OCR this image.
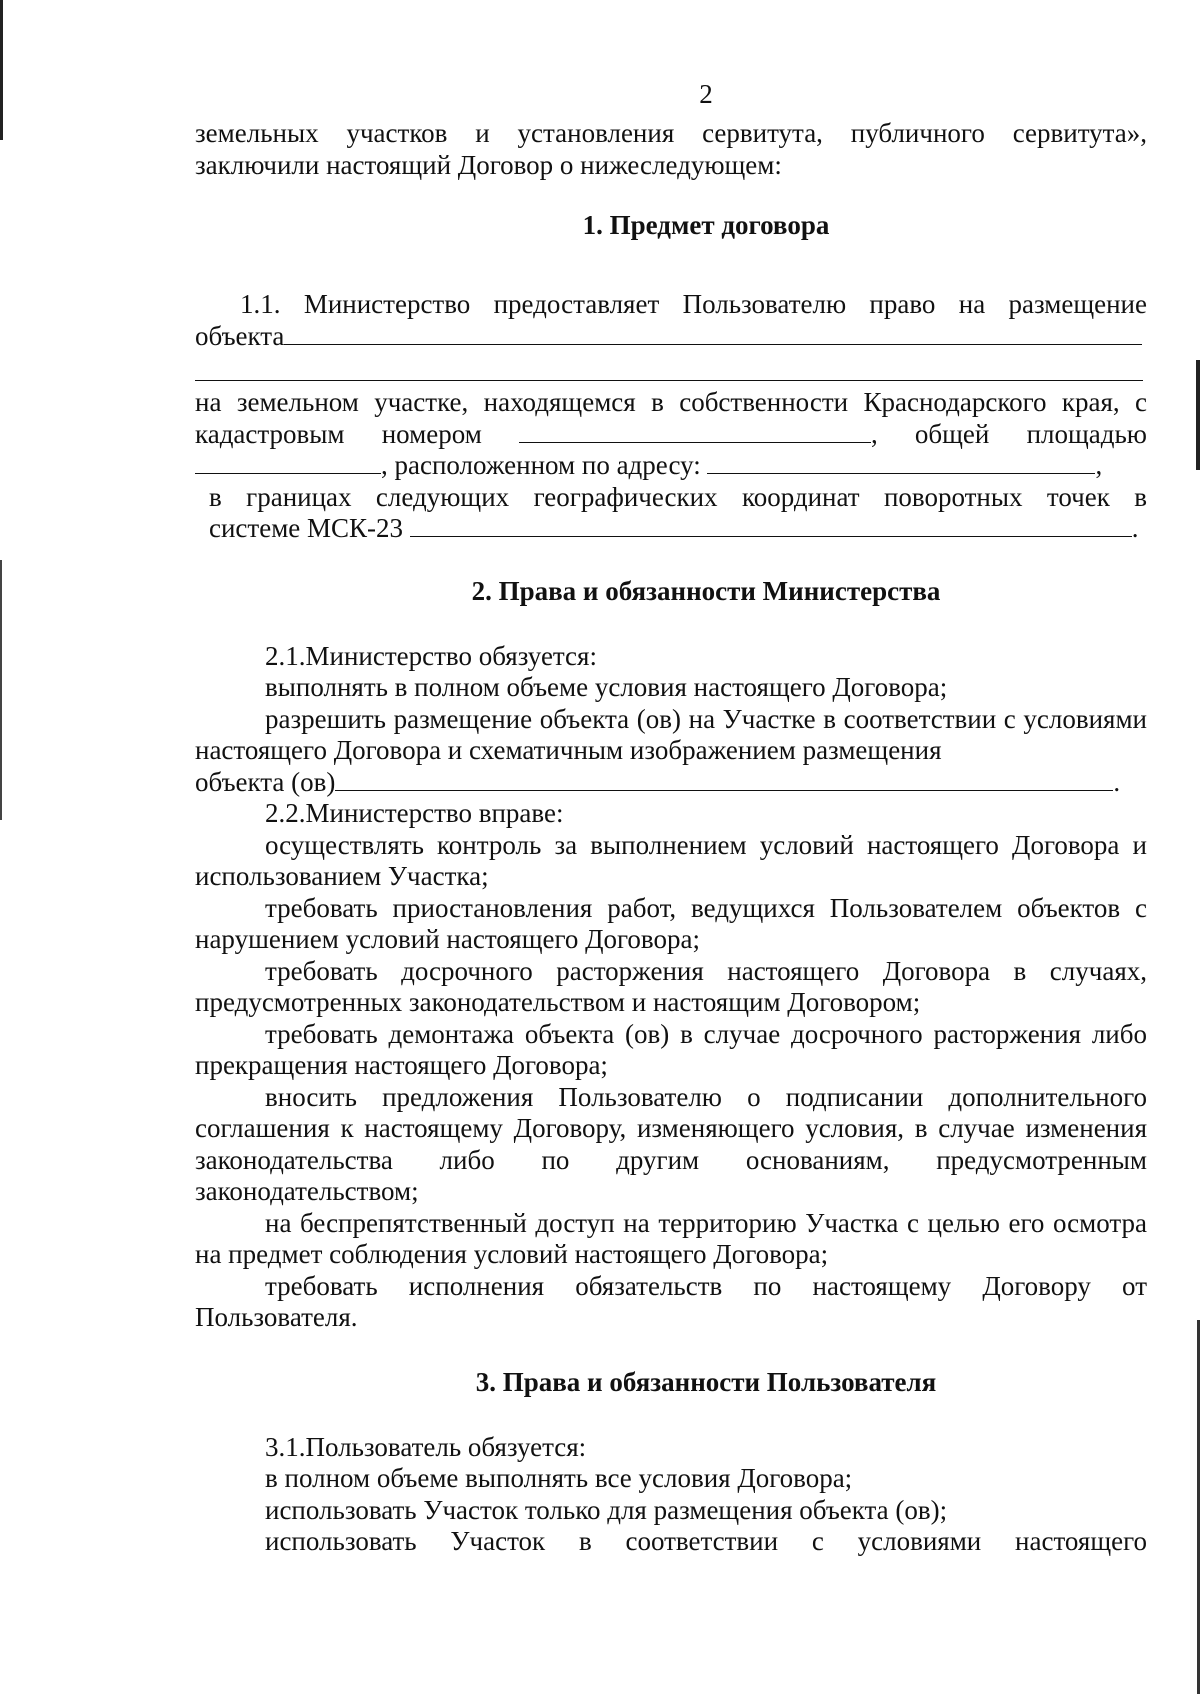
2

земельных участков и установления сервитута, публичного сервитута»,

заключили настоящий Договор о нижеследующем:

1. Предмет договора

1.1. Министерство предоставляет Пользователю право на размещение

объекта

на земельном участке, находящемся в собственности Краснодарского края, с

кадастровым номером	, общей площадью

, расположенном по адресу:	,

в границах следующих географических координат поворотных точек в

системе МСК-23	.

2. Права и обязанности Министерства

2.1.Министерство обязуется:

выполнять в полном объеме условия настоящего Договора;

разрешить размещение объекта (ов) на Участке в соответствии с условиями настоящего Договора и схематичным изображением размещения

объекта (ов)	.

2.2.Министерство вправе:

осуществлять контроль за выполнением условий настоящего Договора и использованием Участка;

требовать приостановления работ, ведущихся Пользователем объектов с нарушением условий настоящего Договора;

требовать досрочного расторжения настоящего Договора в случаях, предусмотренных законодательством и настоящим Договором;

требовать демонтажа объекта (ов) в случае досрочного расторжения либо прекращения настоящего Договора;

вносить предложения Пользователю о подписании дополнительного соглашения к настоящему Договору, изменяющего условия, в случае изменения законодательства либо по другим основаниям, предусмотренным законодательством;

на беспрепятственный доступ на территорию Участка с целью его осмотра на предмет соблюдения условий настоящего Договора;

требовать исполнения обязательств по настоящему Договору от Пользователя.

3. Права и обязанности Пользователя

3.1.Пользователь обязуется:

в полном объеме выполнять все условия Договора;

использовать Участок только для размещения объекта (ов);

использовать Участок в соответствии с условиями настоящего
